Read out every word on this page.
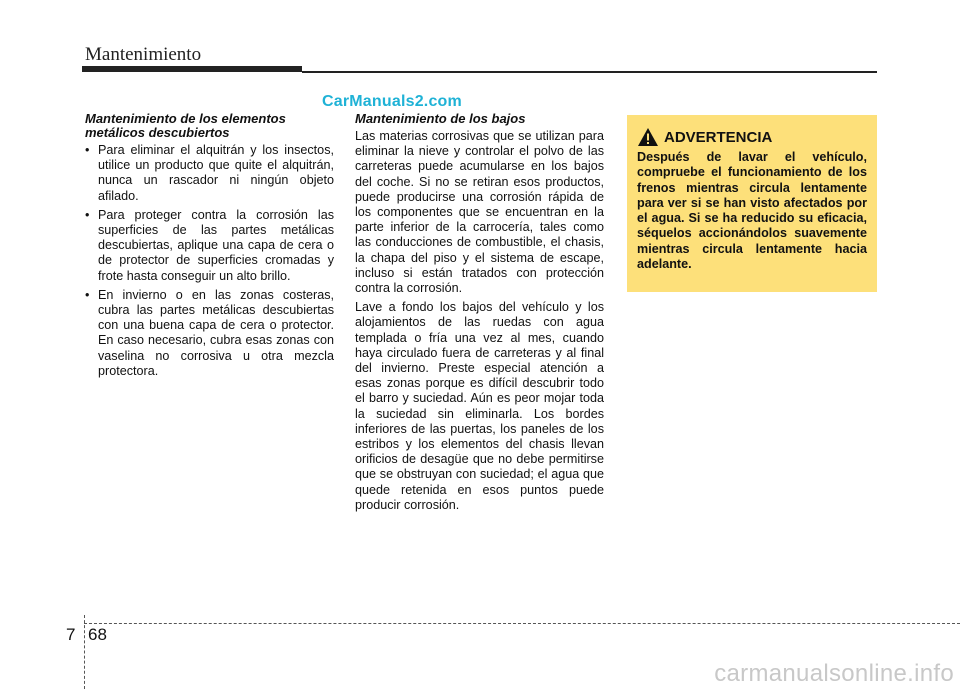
Mantenimiento
CarManuals2.com
Mantenimiento de los elementos metálicos descubiertos
• Para eliminar el alquitrán y los insectos, utilice un producto que quite el alquitrán, nunca un rascador ni ningún objeto afilado.
• Para proteger contra la corrosión las superficies de las partes metálicas descubiertas, aplique una capa de cera o de protector de superficies cromadas y frote hasta conseguir un alto brillo.
• En invierno o en las zonas costeras, cubra las partes metálicas descubiertas con una buena capa de cera o protector. En caso necesario, cubra esas zonas con vaselina no corrosiva u otra mezcla protectora.
Mantenimiento de los bajos

Las materias corrosivas que se utilizan para eliminar la nieve y controlar el polvo de las carreteras puede acumularse en los bajos del coche. Si no se retiran esos productos, puede producirse una corrosión rápida de los componentes que se encuentran en la parte inferior de la carrocería, tales como las conducciones de combustible, el chasis, la chapa del piso y el sistema de escape, incluso si están tratados con protección contra la corrosión.

Lave a fondo los bajos del vehículo y los alojamientos de las ruedas con agua templada o fría una vez al mes, cuando haya circulado fuera de carreteras y al final del invierno. Preste especial atención a esas zonas porque es difícil descubrir todo el barro y suciedad. Aún es peor mojar toda la suciedad sin eliminarla. Los bordes inferiores de las puertas, los paneles de los estribos y los elementos del chasis llevan orificios de desagüe que no debe permitirse que se obstruyan con suciedad; el agua que quede retenida en esos puntos puede producir corrosión.

ADVERTENCIA
Después de lavar el vehículo, compruebe el funcionamiento de los frenos mientras circula lentamente para ver si se han visto afectados por el agua. Si se ha reducido su eficacia, séquelos accionándolos suavemente mientras circula lentamente hacia adelante.
7 68
carmanualsonline.info
